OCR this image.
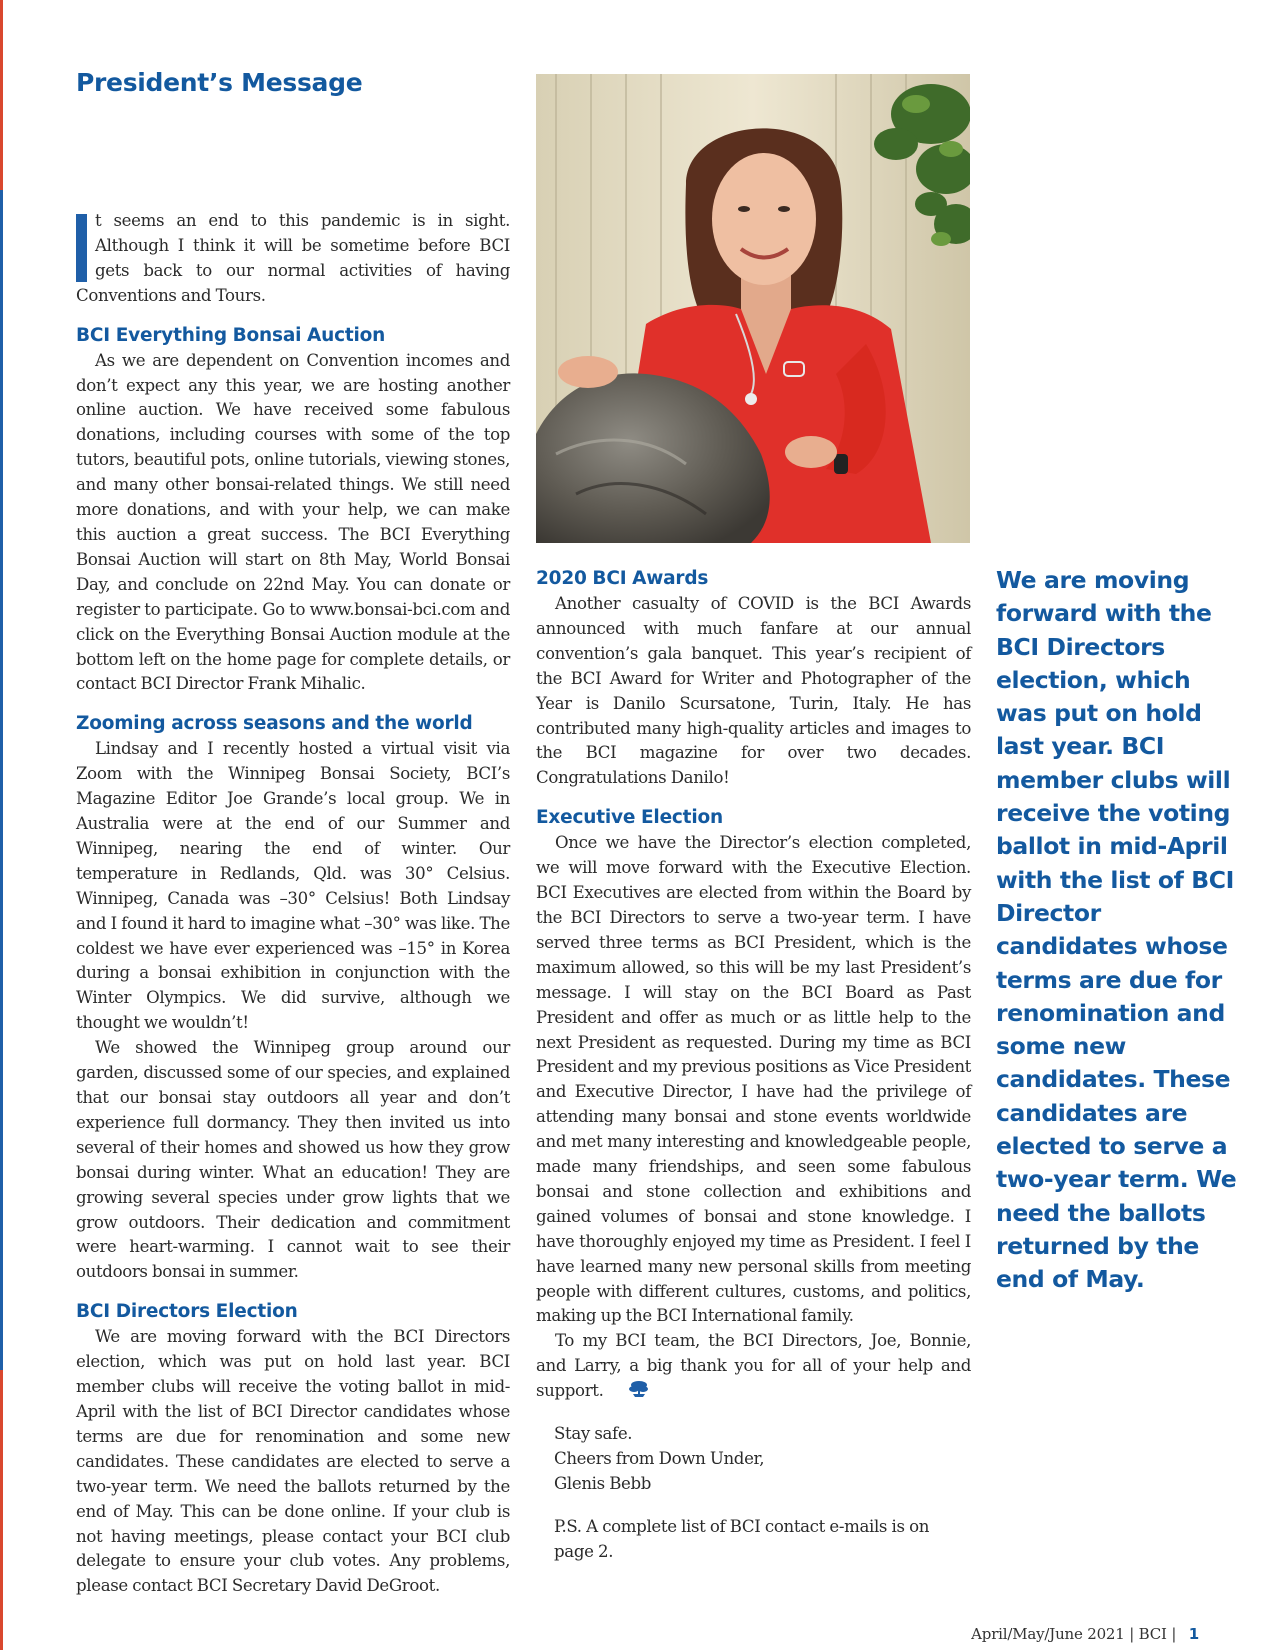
President’s Message

t seems an end to this pandemic is in sight. Although I think it will be sometime before BCI gets back to our normal activities of having Conventions and Tours.

BCI Everything Bonsai Auction

As we are dependent on Convention incomes and don’t expect any this year, we are hosting another online auction. We have received some fabulous donations, including courses with some of the top tutors, beautiful pots, online tutorials, viewing stones, and many other bonsai-related things. We still need more donations, and with your help, we can make this auction a great success. The BCI Everything Bonsai Auction will start on 8th May, World Bonsai Day, and conclude on 22nd May. You can donate or register to participate. Go to www.bonsai-bci.com and click on the Everything Bonsai Auction module at the bottom left on the home page for complete details, or contact BCI Director Frank Mihalic.

Zooming across seasons and the world

Lindsay and I recently hosted a virtual visit via Zoom with the Winnipeg Bonsai Society, BCI’s Magazine Editor Joe Grande’s local group. We in Australia were at the end of our Summer and Winnipeg, nearing the end of winter. Our temperature in Redlands, Qld. was 30° Celsius. Winnipeg, Canada was –30° Celsius! Both Lindsay and I found it hard to imagine what –30° was like. The coldest we have ever experienced was –15° in Korea during a bonsai exhibition in conjunction with the Winter Olympics. We did survive, although we thought we wouldn’t!

We showed the Winnipeg group around our garden, discussed some of our species, and explained that our bonsai stay outdoors all year and don’t experience full dormancy. They then invited us into several of their homes and showed us how they grow bonsai during winter. What an education! They are growing several species under grow lights that we grow outdoors. Their dedication and commitment were heart-warming. I cannot wait to see their outdoors bonsai in summer.

BCI Directors Election

We are moving forward with the BCI Directors election, which was put on hold last year. BCI member clubs will receive the voting ballot in mid-April with the list of BCI Director candidates whose terms are due for renomination and some new candidates. These candidates are elected to serve a two-year term. We need the ballots returned by the end of May. This can be done online. If your club is not having meetings, please contact your BCI club delegate to ensure your club votes. Any problems, please contact BCI Secretary David DeGroot.

2020 BCI Awards

Another casualty of COVID is the BCI Awards announced with much fanfare at our annual convention’s gala banquet. This year’s recipient of the BCI Award for Writer and Photographer of the Year is Danilo Scursatone, Turin, Italy. He has contributed many high-quality articles and images to the BCI magazine for over two decades. Congratulations Danilo!

Executive Election

Once we have the Director’s election completed, we will move forward with the Executive Election. BCI Executives are elected from within the Board by the BCI Directors to serve a two-year term. I have served three terms as BCI President, which is the maximum allowed, so this will be my last President’s message. I will stay on the BCI Board as Past President and offer as much or as little help to the next President as requested. During my time as BCI President and my previous positions as Vice President and Executive Director, I have had the privilege of attending many bonsai and stone events worldwide and met many interesting and knowledgeable people, made many friendships, and seen some fabulous bonsai and stone collection and exhibitions and gained volumes of bonsai and stone knowledge. I have thoroughly enjoyed my time as President. I feel I have learned many new personal skills from meeting people with different cultures, customs, and politics, making up the BCI International family.

To my BCI team, the BCI Directors, Joe, Bonnie, and Larry, a big thank you for all of your help and support.

Stay safe.
Cheers from Down Under,
Glenis Bebb
P.S. A complete list of BCI contact e-mails is on page 2.
We are moving forward with the BCI Directors election, which was put on hold last year. BCI member clubs will receive the voting ballot in mid-April with the list of BCI Director candidates whose terms are due for renomination and some new candidates. These candidates are elected to serve a two-year term. We need the ballots returned by the end of May.
April/May/June 2021 | BCI | 1
